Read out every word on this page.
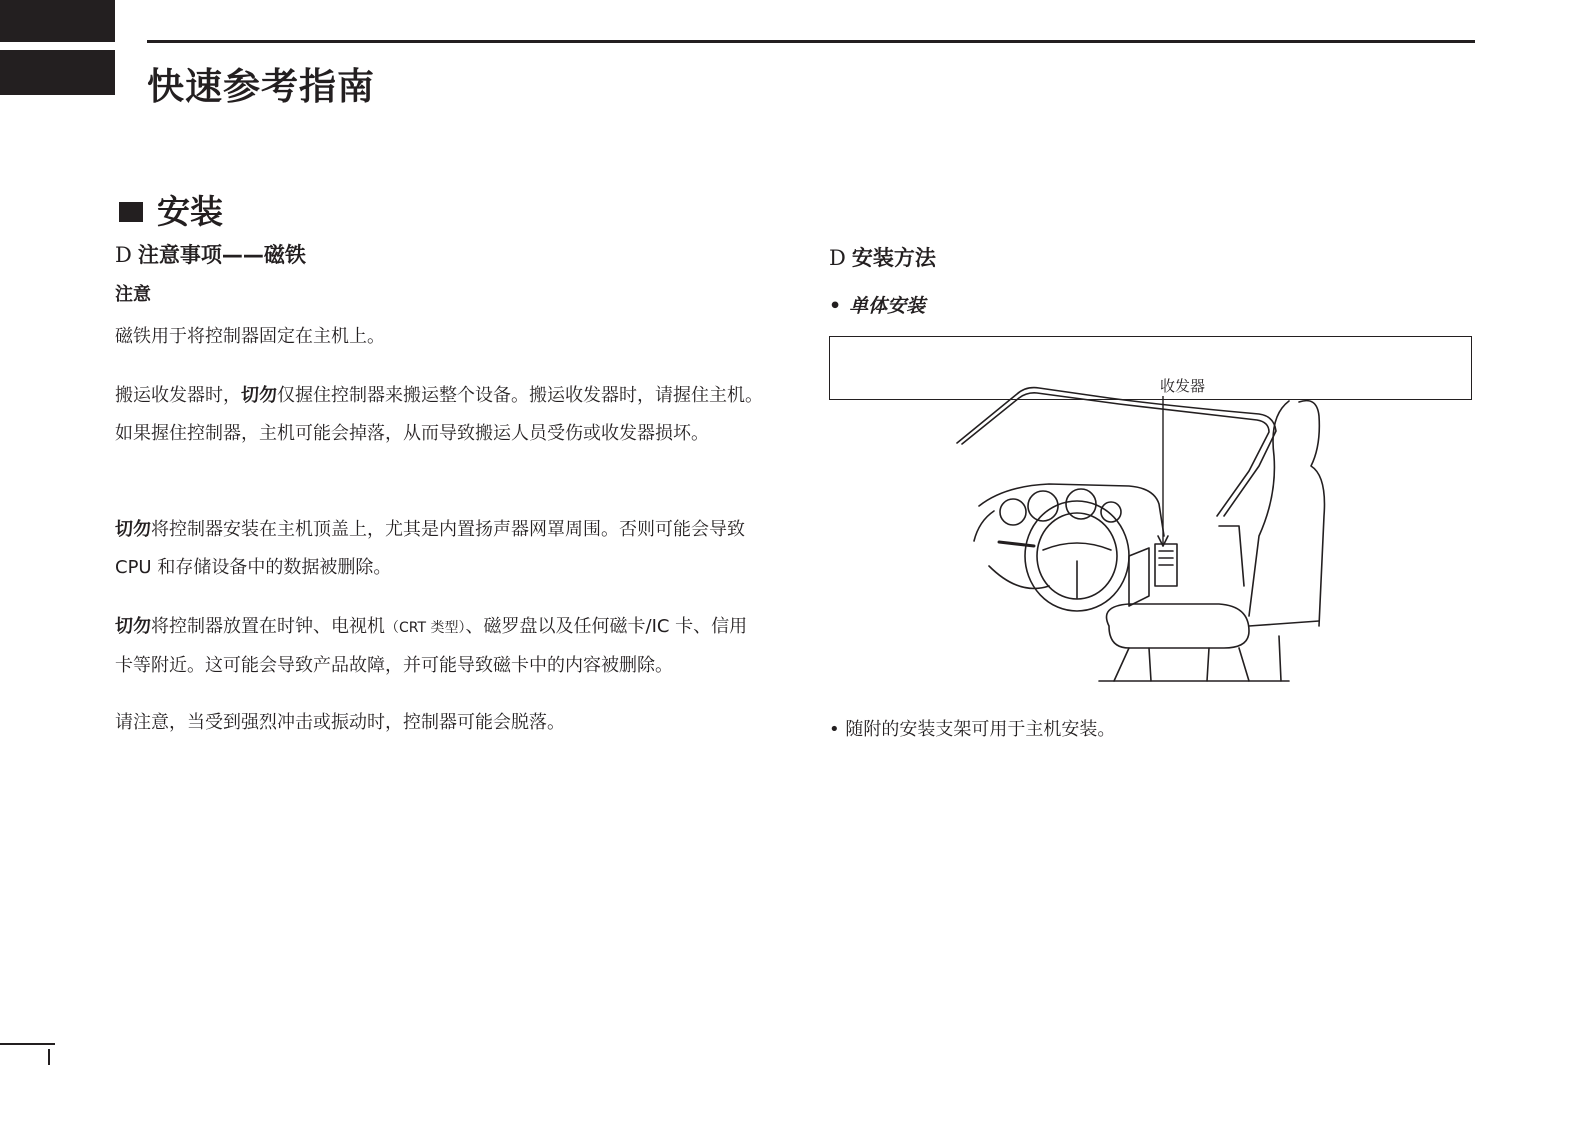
快速参考指南
安装
D 注意事项——磁铁
注意

磁铁用于将控制器固定在主机上。

搬运收发器时，切勿仅握住控制器来搬运整个设备。搬运收发器时，请握住主机。如果握住控制器，主机可能会掉落，从而导致搬运人员受伤或收发器损坏。

切勿将控制器安装在主机顶盖上，尤其是内置扬声器网罩周围。否则可能会导致 CPU 和存储设备中的数据被删除。

切勿将控制器放置在时钟、电视机（CRT 类型）、磁罗盘以及任何磁卡/IC 卡、信用卡等附近。这可能会导致产品故障，并可能导致磁卡中的内容被删除。

请注意，当受到强烈冲击或振动时，控制器可能会脱落。

D 安装方法
• 单体安装
收发器
• 随附的安装支架可用于主机安装。
